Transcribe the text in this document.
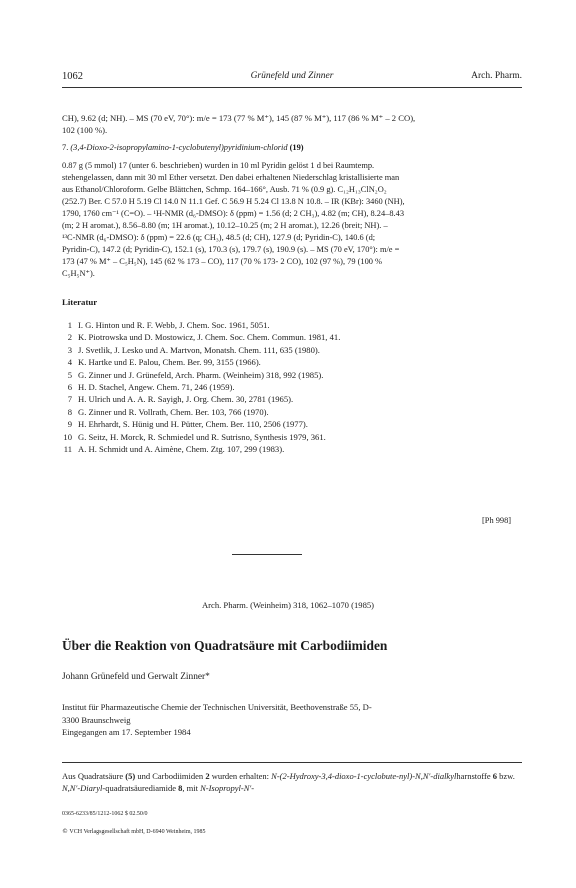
1062	Grünefeld und Zinner	Arch. Pharm.

CH), 9.62 (d; NH). – MS (70 eV, 70°): m/e = 173 (77 % M⁺), 145 (87 % M⁺), 117 (86 % M⁺ – 2 CO),

102 (100 %).

7. (3,4-Dioxo-2-isopropylamino-1-cyclobutenyl)pyridinium-chlorid (19)

0.87 g (5 mmol) 17 (unter 6. beschrieben) wurden in 10 ml Pyridin gelöst 1 d bei Raumtemp.

stehengelassen, dann mit 30 ml Ether versetzt. Den dabei erhaltenen Niederschlag kristallisierte man

aus Ethanol/Chloroform. Gelbe Blättchen, Schmp. 164–166°, Ausb. 71 % (0.9 g). C₁₂H₁₃ClN₂O₂

(252.7) Ber. C 57.0 H 5.19 Cl 14.0 N 11.1 Gef. C 56.9 H 5.24 Cl 13.8 N 10.8. – IR (KBr): 3460 (NH),

1790, 1760 cm⁻¹ (C=O). – ¹H-NMR (d₆-DMSO): δ (ppm) = 1.56 (d; 2 CH₃), 4.82 (m; CH), 8.24–8.43

(m; 2 H aromat.), 8.56–8.80 (m; 1H aromat.), 10.12–10.25 (m; 2 H aromat.), 12.26 (breit; NH). –

¹³C-NMR (d₆-DMSO): δ (ppm) = 22.6 (q; CH₃), 48.5 (d; CH), 127.9 (d; Pyridin-C), 140.6 (d;

Pyridin-C), 147.2 (d; Pyridin-C), 152.1 (s), 170.3 (s), 179.7 (s), 190.9 (s). – MS (70 eV, 170°): m/e =

173 (47 % M⁺ – C₅H₅N), 145 (62 % 173 – CO), 117 (70 % 173- 2 CO), 102 (97 %), 79 (100 %

C₅H₅N⁺).

Literatur
1 I. G. Hinton und R. F. Webb, J. Chem. Soc. 1961, 5051.
2 K. Piotrowska und D. Mostowicz, J. Chem. Soc. Chem. Commun. 1981, 41.
3 J. Svetlik, J. Lesko und A. Martvon, Monatsh. Chem. 111, 635 (1980).
4 K. Hartke und E. Palou, Chem. Ber. 99, 3155 (1966).
5 G. Zinner und J. Grünefeld, Arch. Pharm. (Weinheim) 318, 992 (1985).
6 H. D. Stachel, Angew. Chem. 71, 246 (1959).
7 H. Ulrich und A. A. R. Sayigh, J. Org. Chem. 30, 2781 (1965).
8 G. Zinner und R. Vollrath, Chem. Ber. 103, 766 (1970).
9 H. Ehrhardt, S. Hünig und H. Pütter, Chem. Ber. 110, 2506 (1977).
10 G. Seitz, H. Morck, R. Schmiedel und R. Sutrisno, Synthesis 1979, 361.
11 A. H. Schmidt und A. Aimène, Chem. Ztg. 107, 299 (1983).
[Ph 998]
Arch. Pharm. (Weinheim) 318, 1062–1070 (1985)
Über die Reaktion von Quadratsäure mit Carbodiimiden
Johann Grünefeld und Gerwalt Zinner*

Institut für Pharmazeutische Chemie der Technischen Universität, Beethovenstraße 55, D-

3300 Braunschweig

Eingegangen am 17. September 1984

Aus Quadratsäure (5) und Carbodiimiden 2 wurden erhalten: N-(2-Hydroxy-3,4-dioxo-1-cyclobute-nyl)-N,N′-dialkylharnstoffe 6 bzw. N,N′-Diaryl-quadratsäurediamide 8, mit N-Isopropyl-N′-

0365-6233/85/1212-1062 $ 02.50/0
© VCH Verlagsgesellschaft mbH, D-6940 Weinheim, 1985
